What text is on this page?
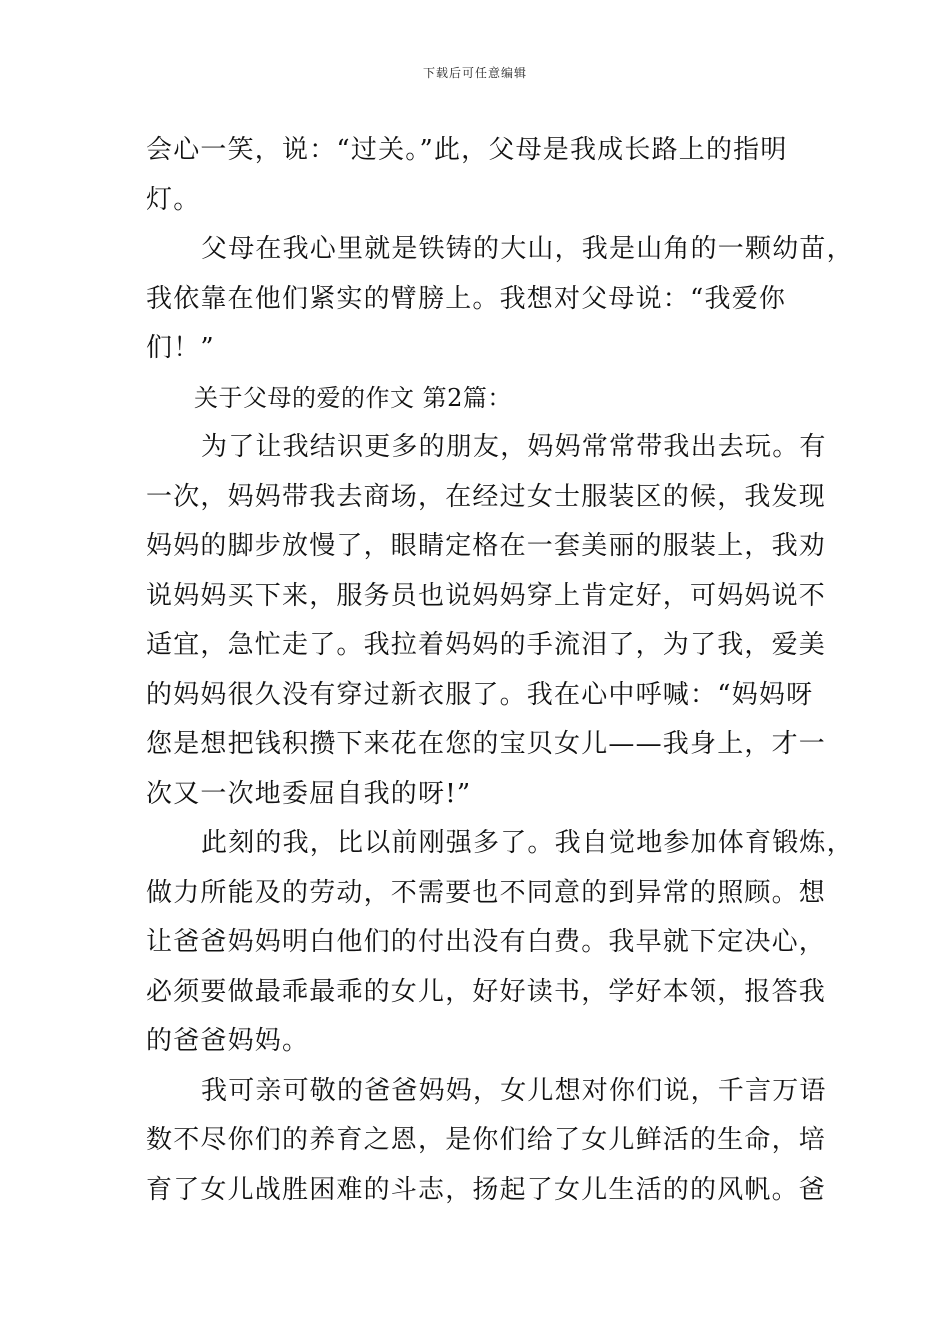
下载后可任意编辑
会心一笑，说：“过关。”此，父母是我成长路上的指明
灯。
父母在我心里就是铁铸的大山，我是山角的一颗幼苗，
我依靠在他们紧实的臂膀上。我想对父母说：“我爱你
们！”
关于父母的爱的作文 第2篇：
为了让我结识更多的朋友，妈妈常常带我出去玩。有
一次，妈妈带我去商场，在经过女士服装区的候，我发现
妈妈的脚步放慢了，眼睛定格在一套美丽的服装上，我劝
说妈妈买下来，服务员也说妈妈穿上肯定好，可妈妈说不
适宜，急忙走了。我拉着妈妈的手流泪了，为了我，爱美
的妈妈很久没有穿过新衣服了。我在心中呼喊：“妈妈呀
您是想把钱积攒下来花在您的宝贝女儿——我身上，才一
次又一次地委屈自我的呀!”
此刻的我，比以前刚强多了。我自觉地参加体育锻炼，
做力所能及的劳动，不需要也不同意的到异常的照顾。想
让爸爸妈妈明白他们的付出没有白费。我早就下定决心，
必须要做最乖最乖的女儿，好好读书，学好本领，报答我
的爸爸妈妈。
我可亲可敬的爸爸妈妈，女儿想对你们说，千言万语
数不尽你们的养育之恩，是你们给了女儿鲜活的生命，培
育了女儿战胜困难的斗志，扬起了女儿生活的的风帆。爸
